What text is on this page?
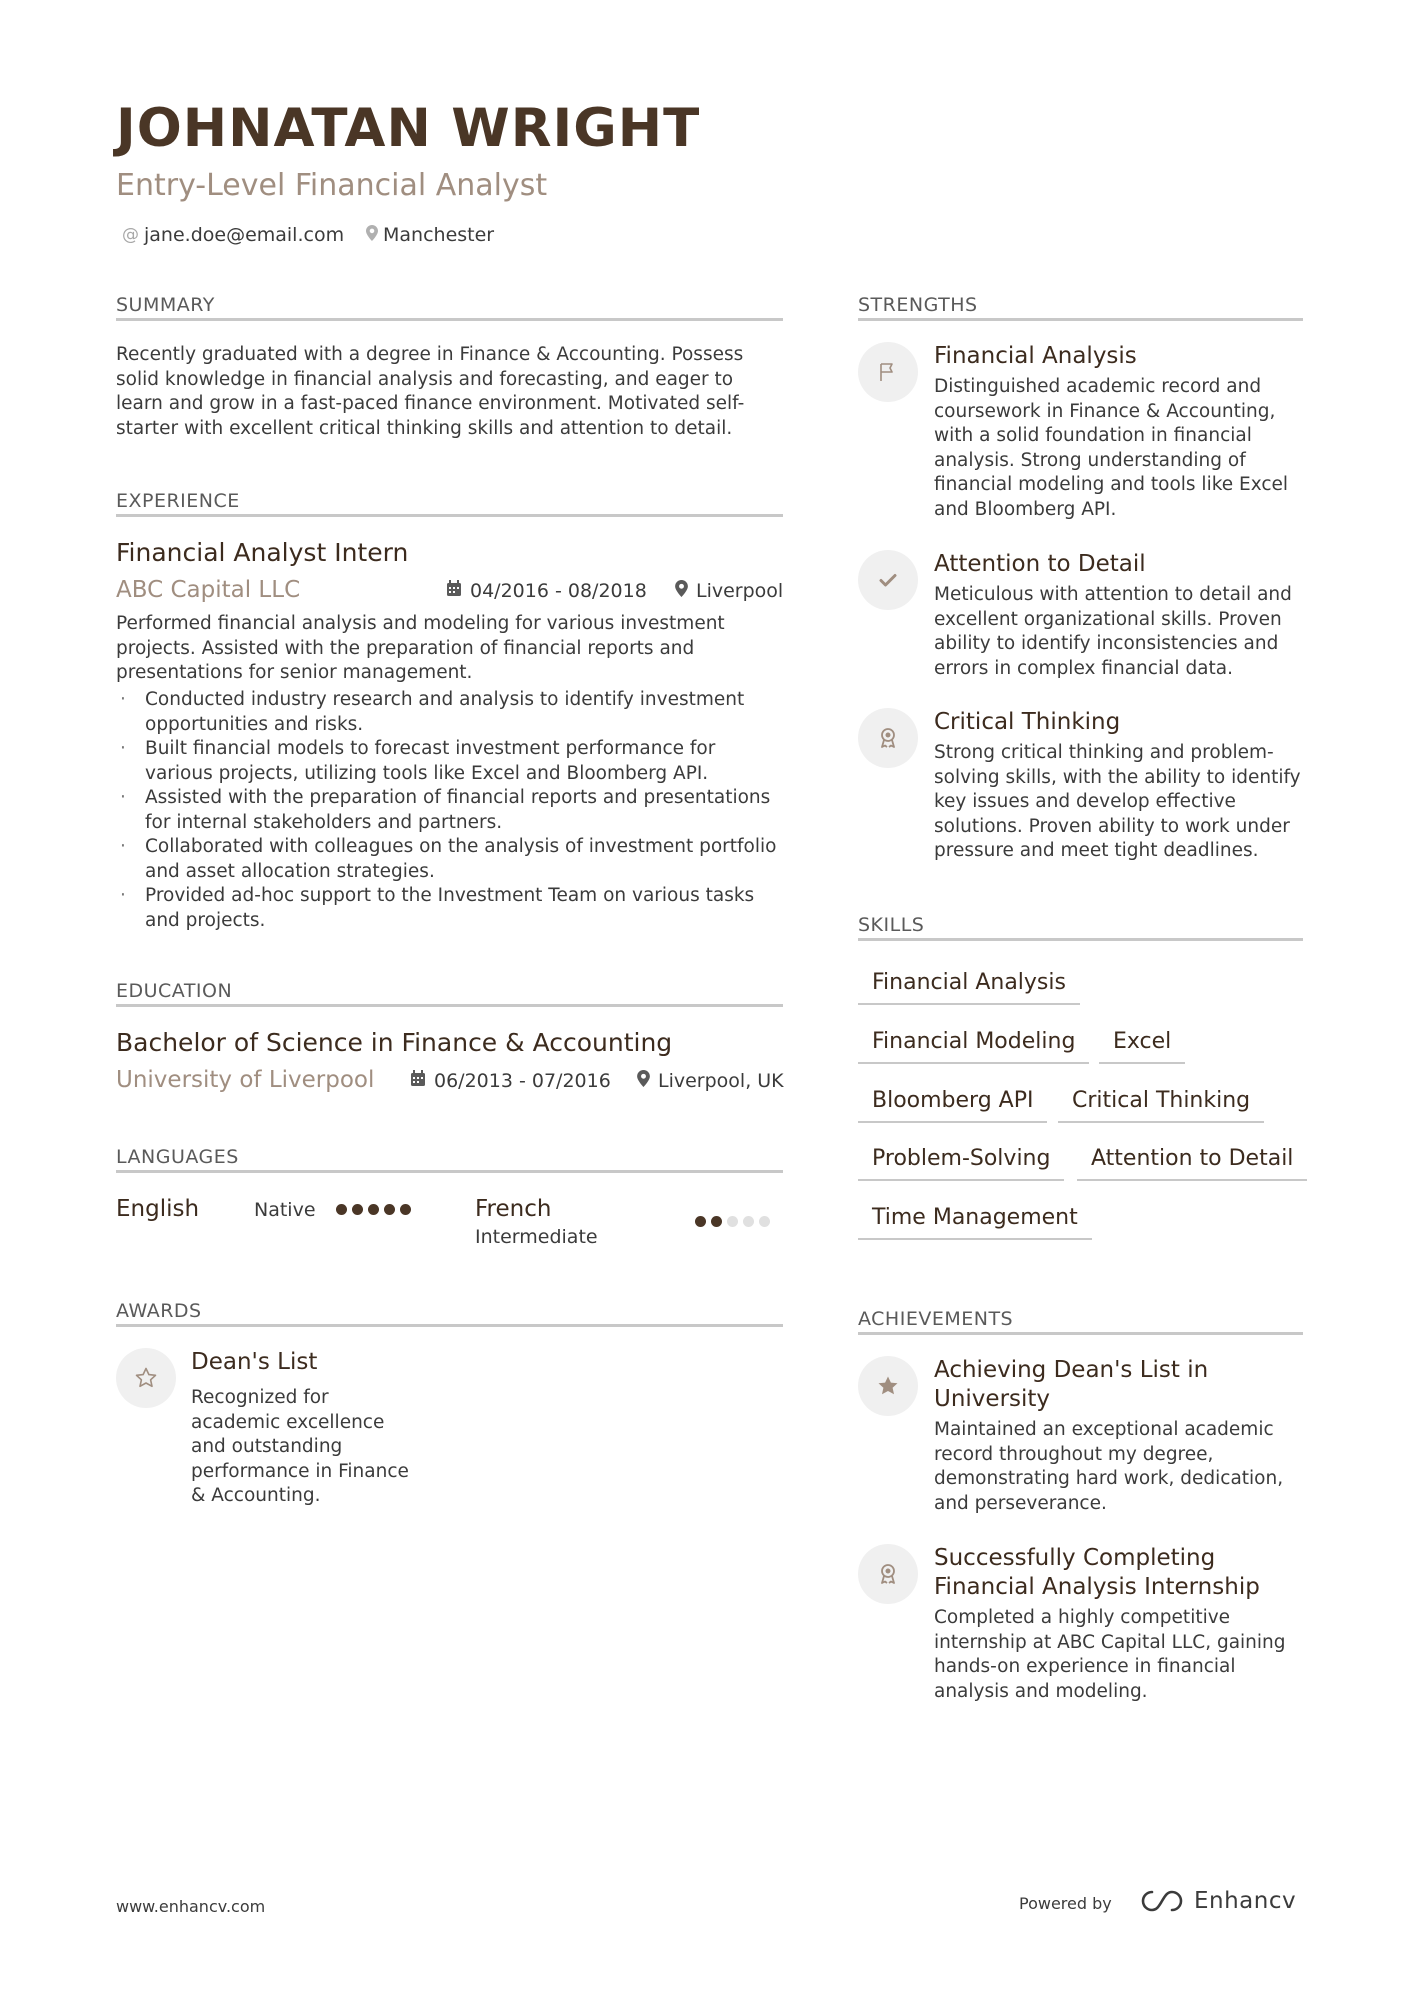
JOHNATAN WRIGHT
Entry-Level Financial Analyst
@ jane.doe@email.com Manchester
SUMMARY
Recently graduated with a degree in Finance & Accounting. Possess solid knowledge in financial analysis and forecasting, and eager to learn and grow in a fast-paced finance environment. Motivated self-starter with excellent critical thinking skills and attention to detail.
EXPERIENCE
Financial Analyst Intern
ABC Capital LLC	04/2016 - 08/2018	Liverpool
Performed financial analysis and modeling for various investment projects. Assisted with the preparation of financial reports and presentations for senior management.
· Conducted industry research and analysis to identify investment opportunities and risks.
· Built financial models to forecast investment performance for various projects, utilizing tools like Excel and Bloomberg API.
· Assisted with the preparation of financial reports and presentations for internal stakeholders and partners.
· Collaborated with colleagues on the analysis of investment portfolio and asset allocation strategies.
· Provided ad-hoc support to the Investment Team on various tasks and projects.
EDUCATION
Bachelor of Science in Finance & Accounting
University of Liverpool	06/2013 - 07/2016 Liverpool, UK
LANGUAGES
English	Native	French
Intermediate
AWARDS
Dean's List
Recognized for academic excellence and outstanding performance in Finance & Accounting.
STRENGTHS
Financial Analysis
Distinguished academic record and coursework in Finance & Accounting, with a solid foundation in financial analysis. Strong understanding of financial modeling and tools like Excel and Bloomberg API.
Attention to Detail
Meticulous with attention to detail and excellent organizational skills. Proven ability to identify inconsistencies and errors in complex financial data.
Critical Thinking
Strong critical thinking and problem-solving skills, with the ability to identify key issues and develop effective solutions. Proven ability to work under pressure and meet tight deadlines.
SKILLS
Financial Analysis
Financial Modeling	Excel
Bloomberg API	Critical Thinking
Problem-Solving	Attention to Detail
Time Management
ACHIEVEMENTS
Achieving Dean's List in University
Maintained an exceptional academic record throughout my degree, demonstrating hard work, dedication, and perseverance.
Successfully Completing Financial Analysis Internship
Completed a highly competitive internship at ABC Capital LLC, gaining hands-on experience in financial analysis and modeling.
www.enhancv.com	Powered by	Enhancv
